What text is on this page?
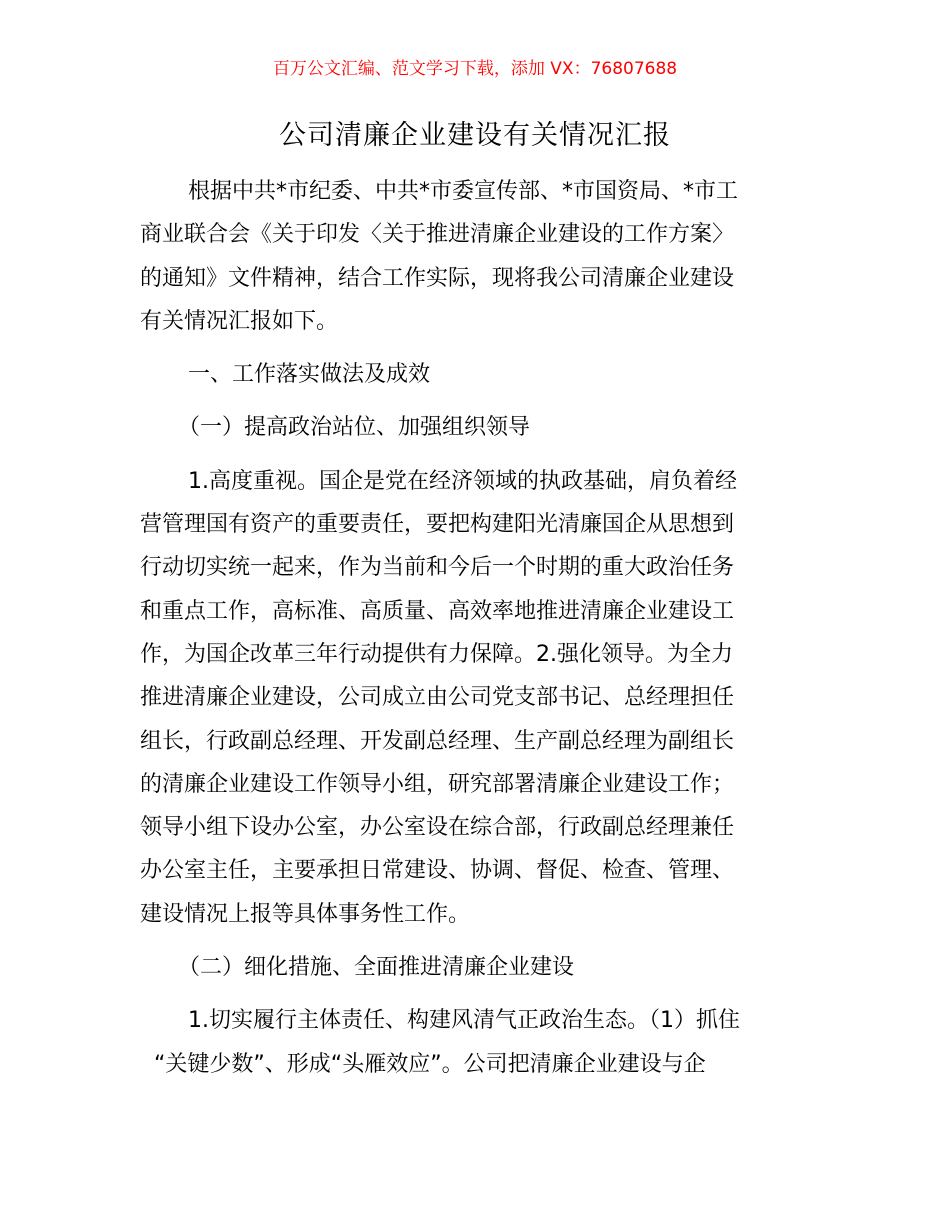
百万公文汇编、范文学习下载，添加 VX：76807688
公司清廉企业建设有关情况汇报
根据中共*市纪委、中共*市委宣传部、*市国资局、*市工
商业联合会《关于印发〈关于推进清廉企业建设的工作方案〉
的通知》文件精神，结合工作实际，现将我公司清廉企业建设
有关情况汇报如下。
一、工作落实做法及成效
（一）提高政治站位、加强组织领导
1.高度重视。国企是党在经济领域的执政基础，肩负着经
营管理国有资产的重要责任，要把构建阳光清廉国企从思想到
行动切实统一起来，作为当前和今后一个时期的重大政治任务
和重点工作，高标准、高质量、高效率地推进清廉企业建设工
作，为国企改革三年行动提供有力保障。2.强化领导。为全力
推进清廉企业建设，公司成立由公司党支部书记、总经理担任
组长，行政副总经理、开发副总经理、生产副总经理为副组长
的清廉企业建设工作领导小组，研究部署清廉企业建设工作；
领导小组下设办公室，办公室设在综合部，行政副总经理兼任
办公室主任，主要承担日常建设、协调、督促、检查、管理、
建设情况上报等具体事务性工作。
（二）细化措施、全面推进清廉企业建设
1.切实履行主体责任、构建风清气正政治生态。（1）抓住
“关键少数”、形成“头雁效应”。公司把清廉企业建设与企
